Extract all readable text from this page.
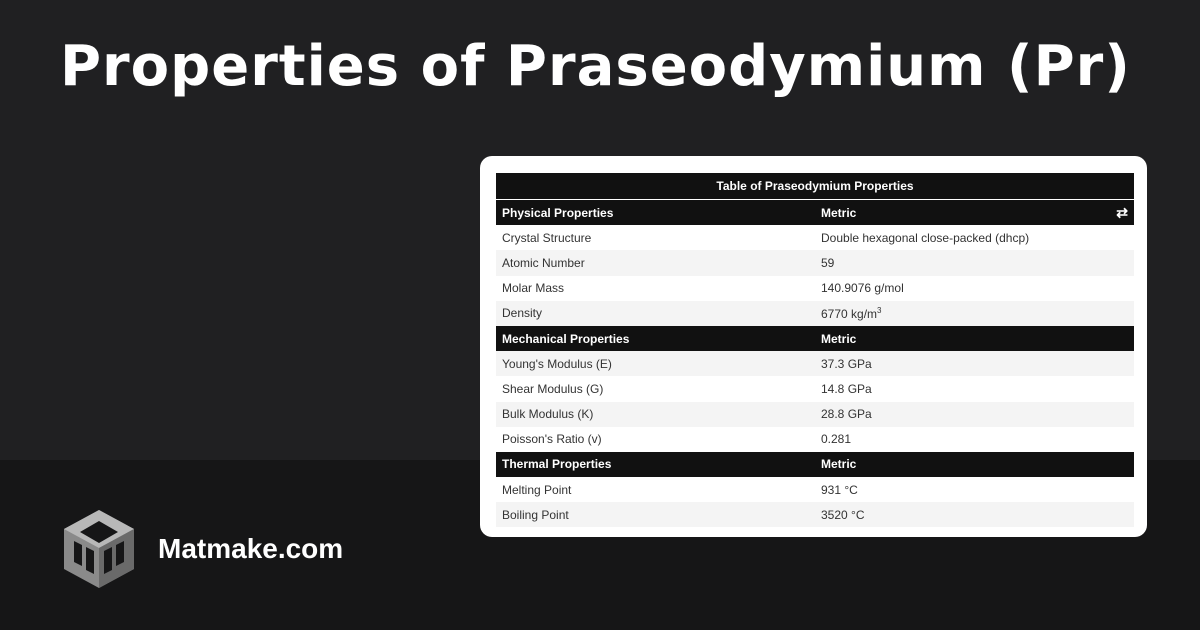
Properties of Praseodymium (Pr)
Matmake.com
Table of Praseodymium Properties
Physical Properties	Metric	⇄
Crystal Structure	Double hexagonal close-packed (dhcp)
Atomic Number	59
Molar Mass	140.9076 g/mol
Density	6770 $kg/m^3$
Mechanical Properties	Metric
Young's Modulus (E)	37.3 GPa
Shear Modulus (G)	14.8 GPa
Bulk Modulus (K)	28.8 GPa
Poisson's Ratio (v)	0.281
Thermal Properties	Metric
Melting Point	931 °C
Boiling Point	3520 °C
